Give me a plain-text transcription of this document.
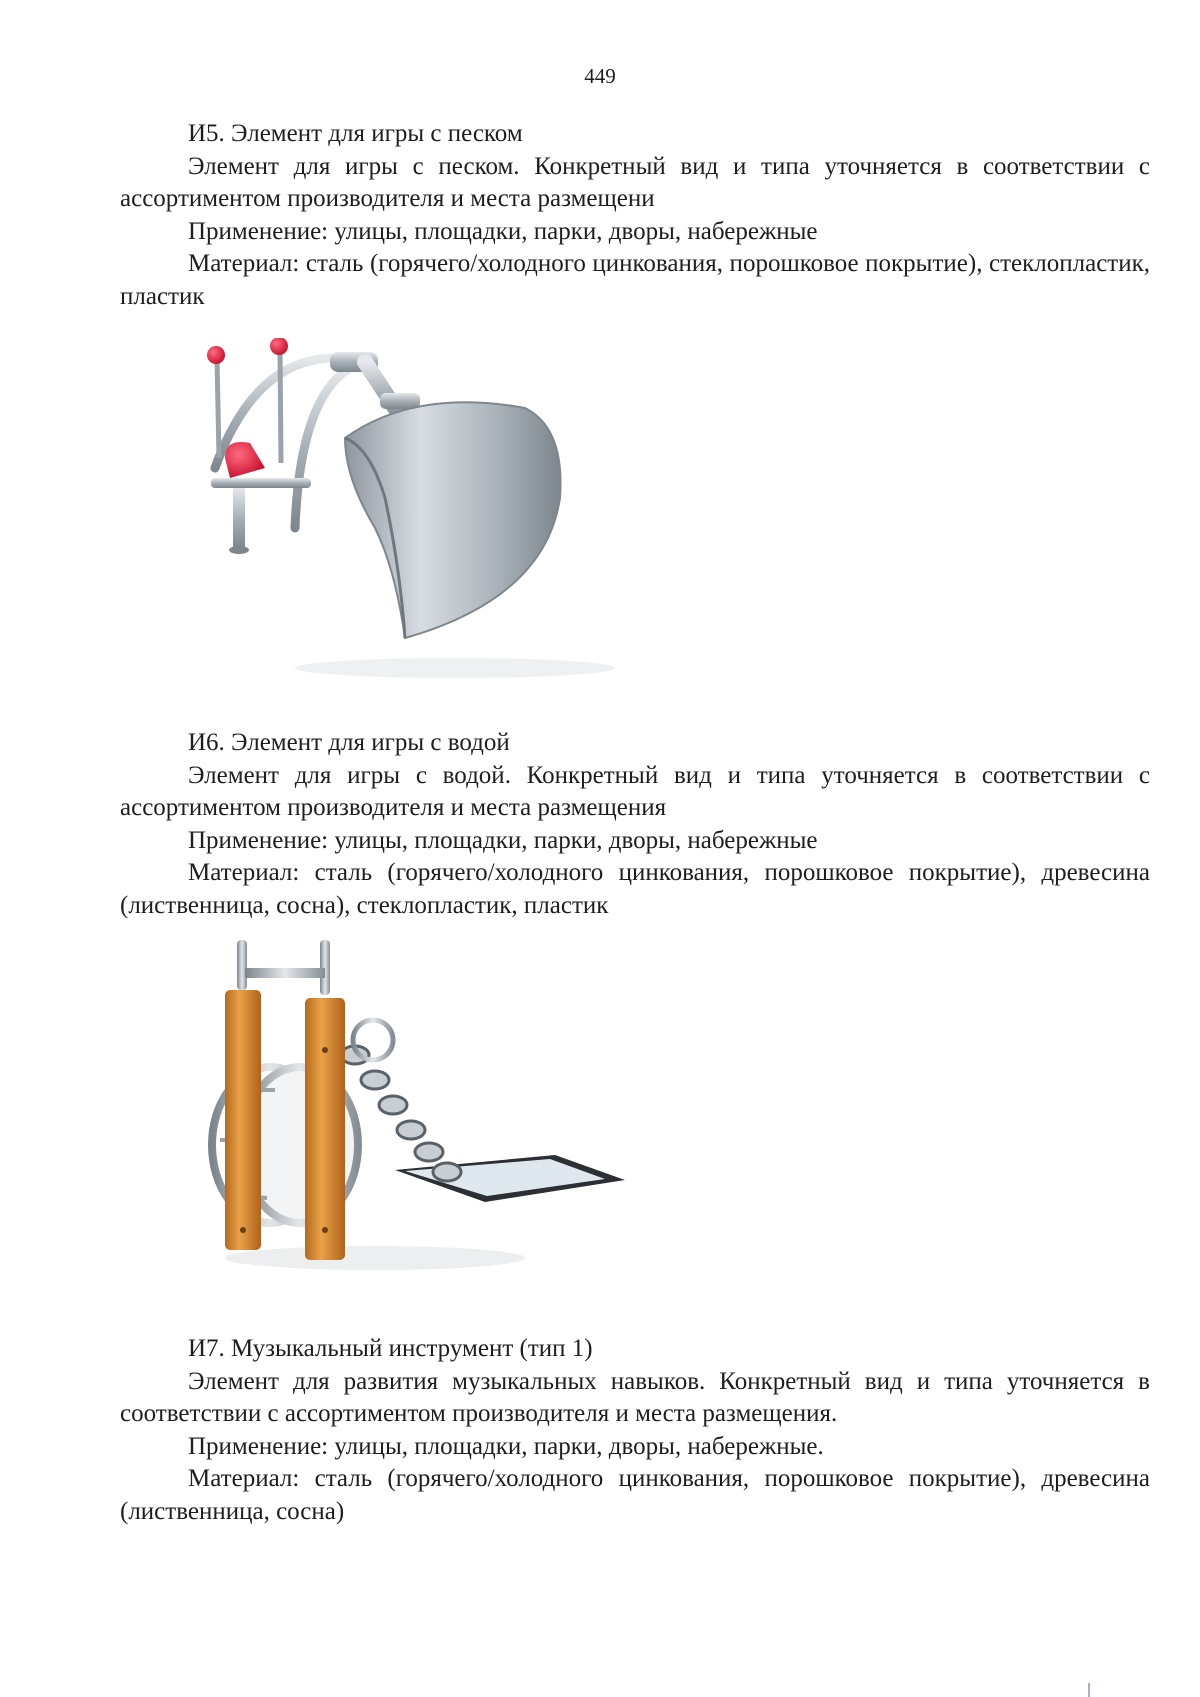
449

И5. Элемент для игры с песком

Элемент для игры с песком. Конкретный вид и типа уточняется в соответствии с ассортиментом производителя и места размещени

Применение: улицы, площадки, парки, дворы, набережные

Материал: сталь (горячего/холодного цинкования, порошковое покрытие), стеклопластик, пластик

И6. Элемент для игры с водой

Элемент для игры с водой. Конкретный вид и типа уточняется в соответствии с ассортиментом производителя и места размещения

Применение: улицы, площадки, парки, дворы, набережные

Материал: сталь (горячего/холодного цинкования, порошковое покрытие), древесина (лиственница, сосна), стеклопластик, пластик

И7. Музыкальный инструмент (тип 1)

Элемент для развития музыкальных навыков. Конкретный вид и типа уточняется в соответствии с ассортиментом производителя и места размещения.

Применение: улицы, площадки, парки, дворы, набережные.

Материал: сталь (горячего/холодного цинкования, порошковое покрытие), древесина (лиственница, сосна)
